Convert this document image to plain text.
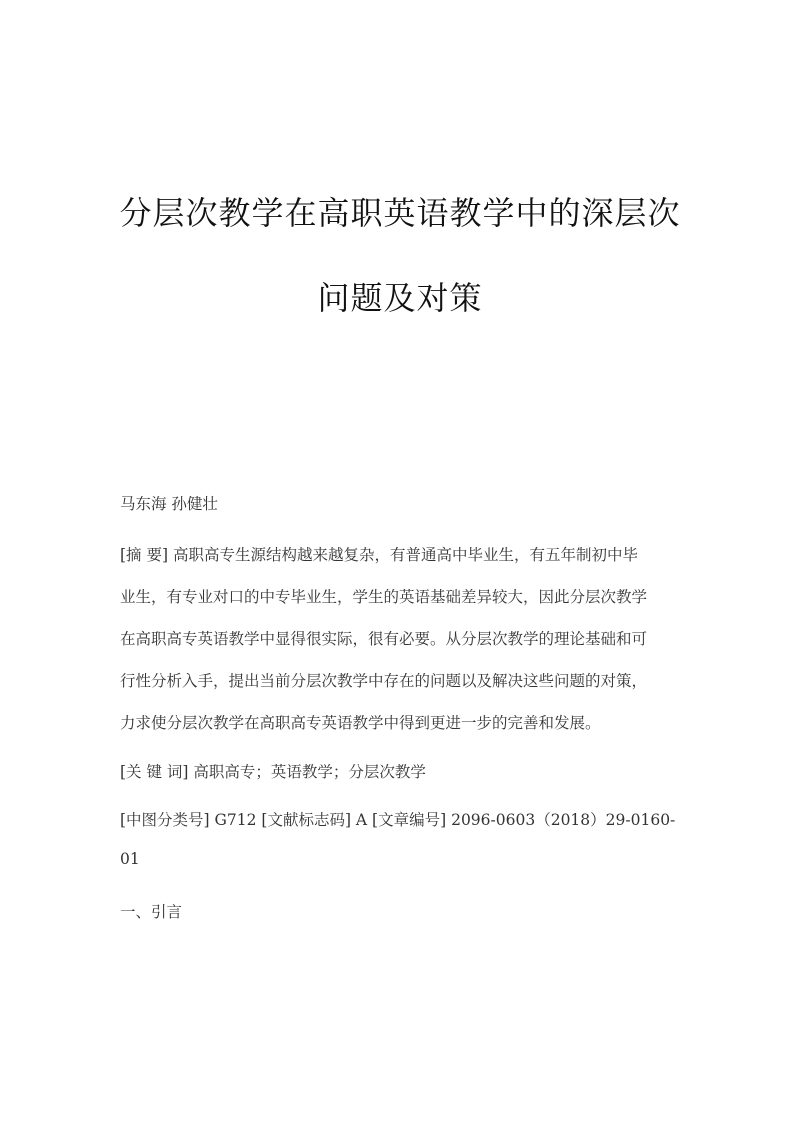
分层次教学在高职英语教学中的深层次
问题及对策

马东海 孙健壮

[摘 要] 高职高专生源结构越来越复杂，有普通高中毕业生，有五年制初中毕

业生，有专业对口的中专毕业生，学生的英语基础差异较大，因此分层次教学

在高职高专英语教学中显得很实际，很有必要。从分层次教学的理论基础和可

行性分析入手，提出当前分层次教学中存在的问题以及解决这些问题的对策，

力求使分层次教学在高职高专英语教学中得到更进一步的完善和发展。

[关 键 词] 高职高专；英语教学；分层次教学

[中图分类号] G712 [文献标志码] A [文章编号] 2096-0603（2018）29-0160-

01

一、引言
